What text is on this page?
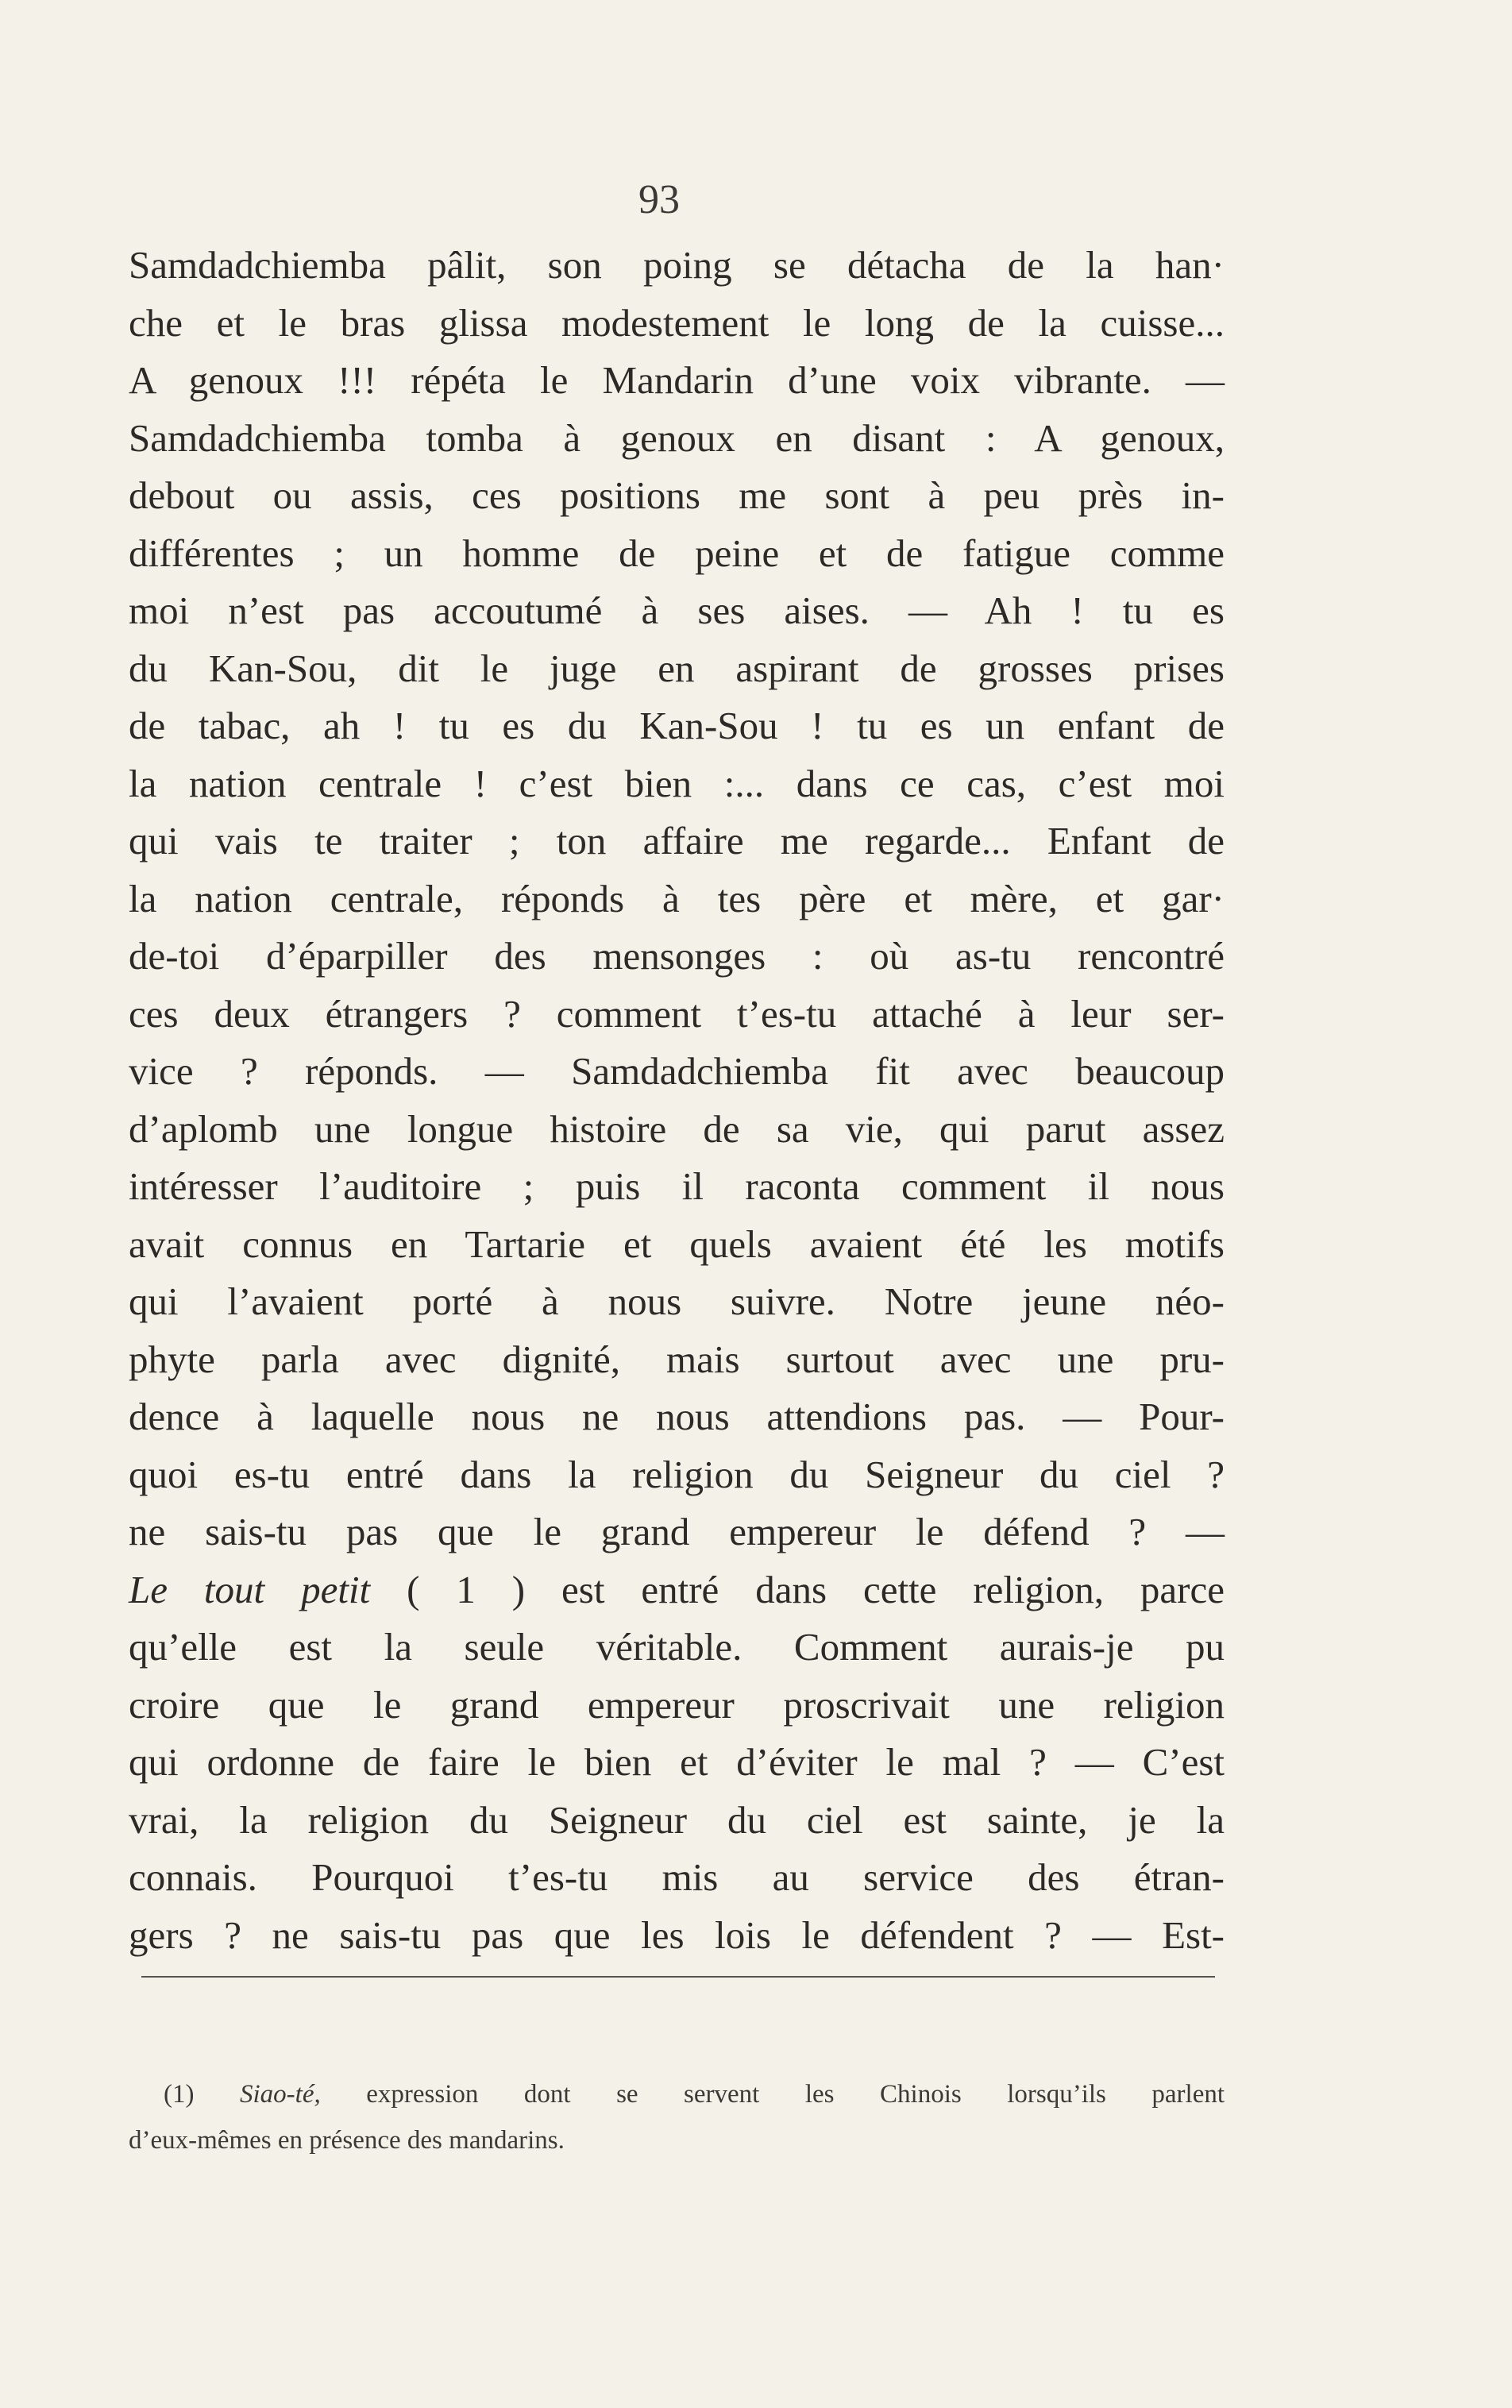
93
Samdadchiemba pâlit, son poing se détacha de la han·
che et le bras glissa modestement le long de la cuisse...
A genoux !!! répéta le Mandarin d’une voix vibrante. —
Samdadchiemba tomba à genoux en disant : A genoux,
debout ou assis, ces positions me sont à peu près in-
différentes ; un homme de peine et de fatigue comme
moi n’est pas accoutumé à ses aises. — Ah ! tu es
du Kan-Sou, dit le juge en aspirant de grosses prises
de tabac, ah ! tu es du Kan-Sou ! tu es un enfant de
la nation centrale ! c’est bien :... dans ce cas, c’est moi
qui vais te traiter ; ton affaire me regarde... Enfant de
la nation centrale, réponds à tes père et mère, et gar·
de-toi d’éparpiller des mensonges : où as-tu rencontré
ces deux étrangers ? comment t’es-tu attaché à leur ser-
vice ? réponds. — Samdadchiemba fit avec beaucoup
d’aplomb une longue histoire de sa vie, qui parut assez
intéresser l’auditoire ; puis il raconta comment il nous
avait connus en Tartarie et quels avaient été les motifs
qui l’avaient porté à nous suivre. Notre jeune néo-
phyte parla avec dignité, mais surtout avec une pru-
dence à laquelle nous ne nous attendions pas. — Pour-
quoi es-tu entré dans la religion du Seigneur du ciel ?
ne sais-tu pas que le grand empereur le défend ? —
Le tout petit ( 1 ) est entré dans cette religion, parce
qu’elle est la seule véritable. Comment aurais-je pu
croire que le grand empereur proscrivait une religion
qui ordonne de faire le bien et d’éviter le mal ? — C’est
vrai, la religion du Seigneur du ciel est sainte, je la
connais. Pourquoi t’es-tu mis au service des étran-
gers ? ne sais-tu pas que les lois le défendent ? — Est-
(1) Siao-té, expression dont se servent les Chinois lorsqu’ils parlent
d’eux-mêmes en présence des mandarins.
